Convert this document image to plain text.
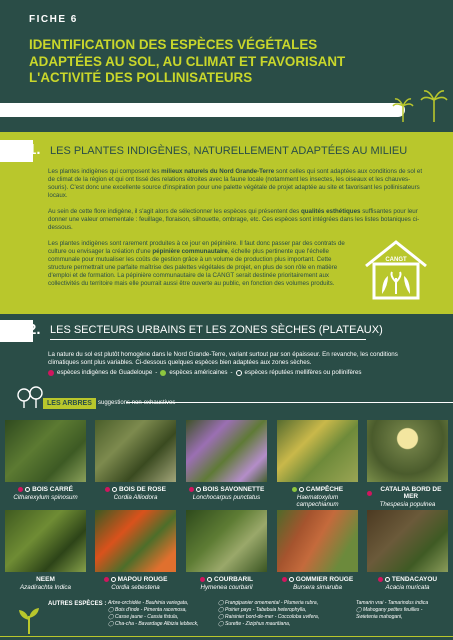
FICHE 6
IDENTIFICATION DES ESPÈCES VÉGÉTALES ADAPTÉES AU SOL, AU CLIMAT ET FAVORISANT L'ACTIVITÉ DES POLLINISATEURS
1. LES PLANTES INDIGÈNES, NATURELLEMENT ADAPTÉES AU MILIEU
Les plantes indigènes qui composent les milieux naturels du Nord Grande-Terre sont celles qui sont adaptées aux conditions de sol et de climat de la région et qui ont tissé des relations étroites avec la faune locale (notamment les insectes, les oiseaux et les chauves-souris). C'est donc une excellente source d'inspiration pour une palette végétale de projet adaptée au site et favorisant les pollinisateurs locaux.
Au sein de cette flore indigène, il s'agit alors de sélectionner les espèces qui présentent des qualités esthétiques suffisantes pour leur donner une valeur ornementale : feuillage, floraison, silhouette, ombrage, etc. Ces espèces sont intégrées dans les listes botaniques ci-dessous.
Les plantes indigènes sont rarement produites à ce jour en pépinière. Il faut donc passer par des contrats de culture ou envisager la création d'une pépinière communautaire, échelle plus pertinente que l'échelle communale pour mutualiser les coûts de gestion grâce à un volume de production plus important. Cette structure permettrait une parfaite maîtrise des palettes végétales de projet, en plus de son rôle en matière d'emploi et de formation. La pépinière communautaire de la CANGT serait destinée prioritairement aux collectivités du territoire mais elle pourrait aussi être ouverte au public, en fonction des volumes produits.
CANGT
2. LES SECTEURS URBAINS ET LES ZONES SÈCHES (PLATEAUX)
La nature du sol est plutôt homogène dans le Nord Grande-Terre, variant surtout par son épaisseur. En revanche, les conditions climatiques sont plus variables. Ci-dessous quelques espèces bien adaptées aux zones sèches.
espèces indigènes de Guadeloupe - espèces américaines - espèces réputées mellifères ou pollinifères
LES ARBRES	suggestions non-exhaustives
BOIS CARRÉ
Citharexylum spinosum
BOIS DE ROSE
Cordia Alliodora
BOIS SAVONNETTE
Lonchocarpus punctatus
CAMPÊCHE
Haematoxylum campechianum
CATALPA BORD DE MER
Thespesia populnea
NEEM
Azadirachta Indica
MAPOU ROUGE
Cordia sebestena
COURBARIL
Hymenea courbaril
GOMMIER ROUGE
Bursera simaruba
TENDACAYOU
Acacia muricata
AUTRES ESPÈCES : Arbre-orchidée - Bauhinia variegata,
◯ Bois d'inde - Pimenta racemosa,
◯ Casse jaune - Cassia fistula,
◯ Cha-cha - Bavardage Albizia lebbeck,
◯ Frangipanier ornemental - Plumeria rubra,
◯ Poirier pays - Tabebuia heterophylla,
◯ Raisinier bord-de-mer - Coccoloba uvifera,
◯ Surette - Ziziphus mauritiana,
Tamarin vrai - Tamarindus indica
◯ Mahogany petites feuilles -
Swietenia mahogani,
